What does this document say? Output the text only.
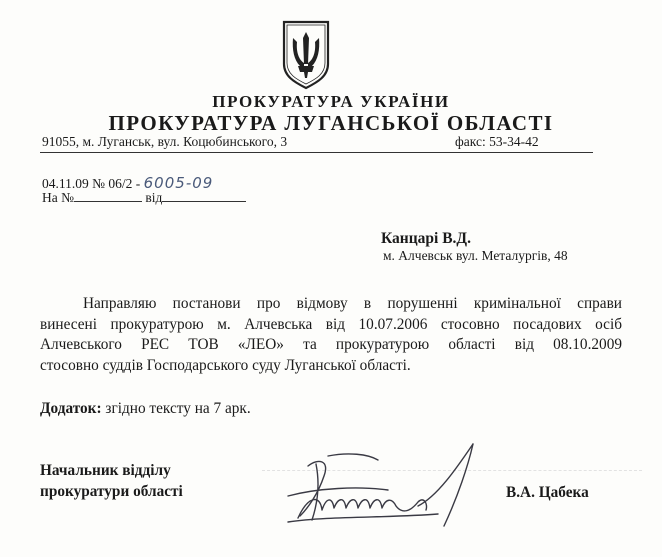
ПРОКУРАТУРА УКРАЇНИ
ПРОКУРАТУРА ЛУГАНСЬКОЇ ОБЛАСТІ
91055, м. Луганськ, вул. Коцюбинського, 3	факс: 53-34-42
04.11.09 № 06/2 - 6005-09
На №	від
Канцарі В.Д.
м. Алчевськ вул. Металургів, 48
Направляю постанови про відмову в порушенні кримінальної справи
винесені прокуратурою м. Алчевська від 10.07.2006 стосовно посадових осіб
Алчевського РЕС ТОВ «ЛЕО» та прокуратурою області від 08.10.2009
стосовно суддів Господарського суду Луганської області.
Додаток: згідно тексту на 7 арк.
Начальник відділу
прокуратури області	В.А. Цабека
